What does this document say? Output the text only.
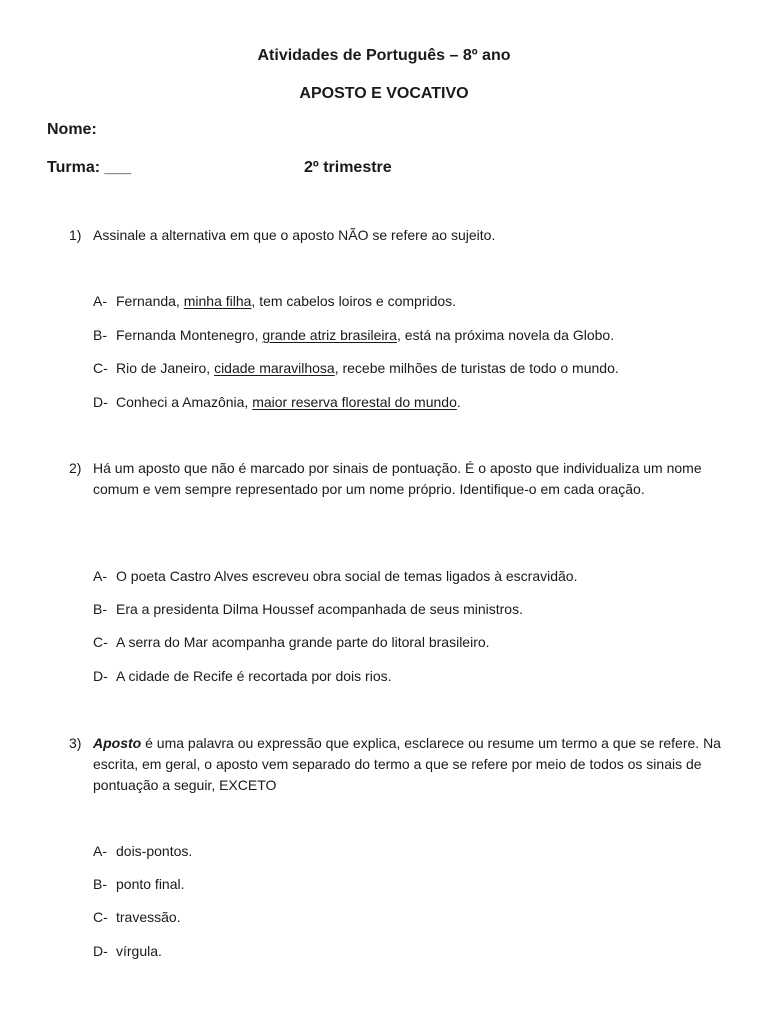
Atividades de Português – 8º ano
APOSTO E VOCATIVO
Nome:
Turma: ___	2º trimestre
1) Assinale a alternativa em que o aposto NÃO se refere ao sujeito.
A- Fernanda, minha filha, tem cabelos loiros e compridos.
B- Fernanda Montenegro, grande atriz brasileira, está na próxima novela da Globo.
C- Rio de Janeiro, cidade maravilhosa, recebe milhões de turistas de todo o mundo.
D- Conheci a Amazônia, maior reserva florestal do mundo.
2) Há um aposto que não é marcado por sinais de pontuação. É o aposto que individualiza um nome comum e vem sempre representado por um nome próprio. Identifique-o em cada oração.
A- O poeta Castro Alves escreveu obra social de temas ligados à escravidão.
B- Era a presidenta Dilma Houssef acompanhada de seus ministros.
C- A serra do Mar acompanha grande parte do litoral brasileiro.
D- A cidade de Recife é recortada por dois rios.
3) Aposto é uma palavra ou expressão que explica, esclarece ou resume um termo a que se refere. Na escrita, em geral, o aposto vem separado do termo a que se refere por meio de todos os sinais de pontuação a seguir, EXCETO
A- dois-pontos.
B- ponto final.
C- travessão.
D- vírgula.
